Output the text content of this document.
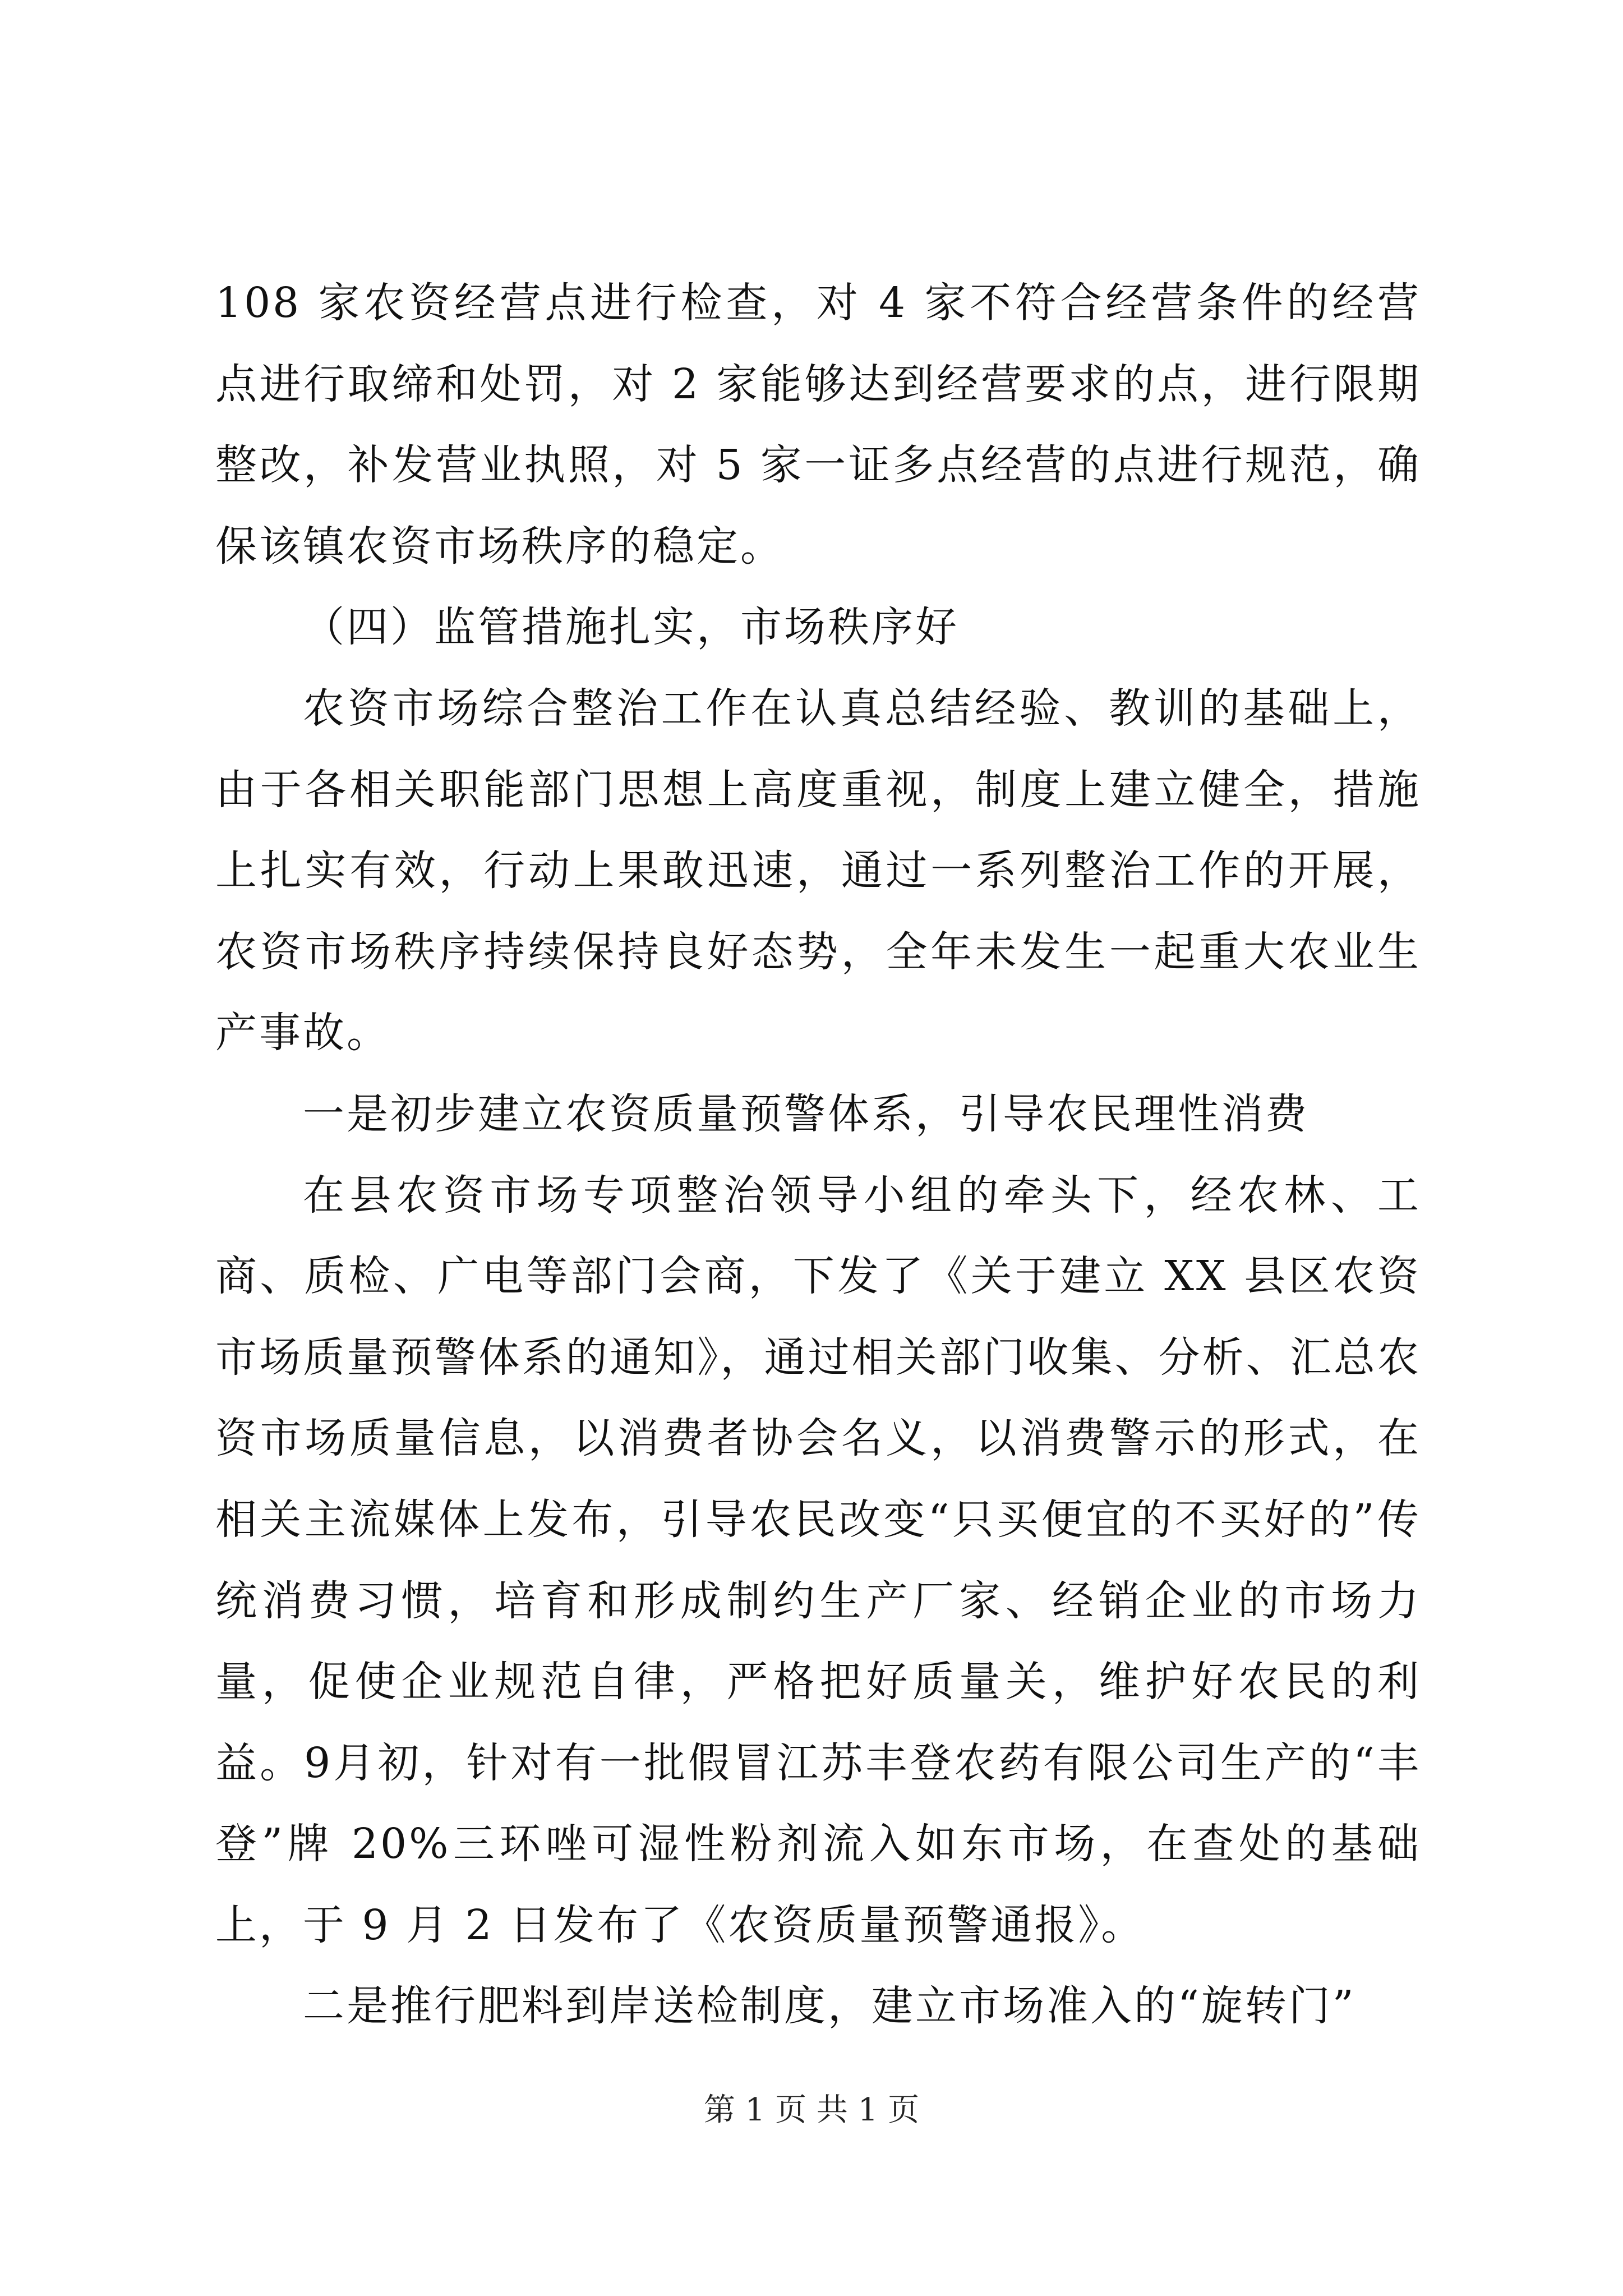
108 家农资经营点进行检查，对 4 家不符合经营条件的经营点进行取缔和处罚，对 2 家能够达到经营要求的点，进行限期整改，补发营业执照，对 5 家一证多点经营的点进行规范，确保该镇农资市场秩序的稳定。

（四）监管措施扎实，市场秩序好

农资市场综合整治工作在认真总结经验、教训的基础上，由于各相关职能部门思想上高度重视，制度上建立健全，措施上扎实有效，行动上果敢迅速，通过一系列整治工作的开展，农资市场秩序持续保持良好态势，全年未发生一起重大农业生产事故。

一是初步建立农资质量预警体系，引导农民理性消费

在县农资市场专项整治领导小组的牵头下，经农林、工商、质检、广电等部门会商，下发了《关于建立 XX 县区农资市场质量预警体系的通知》，通过相关部门收集、分析、汇总农资市场质量信息，以消费者协会名义，以消费警示的形式，在相关主流媒体上发布，引导农民改变“只买便宜的不买好的”传统消费习惯，培育和形成制约生产厂家、经销企业的市场力量，促使企业规范自律，严格把好质量关，维护好农民的利益。9月初，针对有一批假冒江苏丰登农药有限公司生产的“丰登”牌 20%三环唑可湿性粉剂流入如东市场，在查处的基础上，于 9 月 2 日发布了《农资质量预警通报》。

二是推行肥料到岸送检制度，建立市场准入的“旋转门”

第 1 页 共 1 页
